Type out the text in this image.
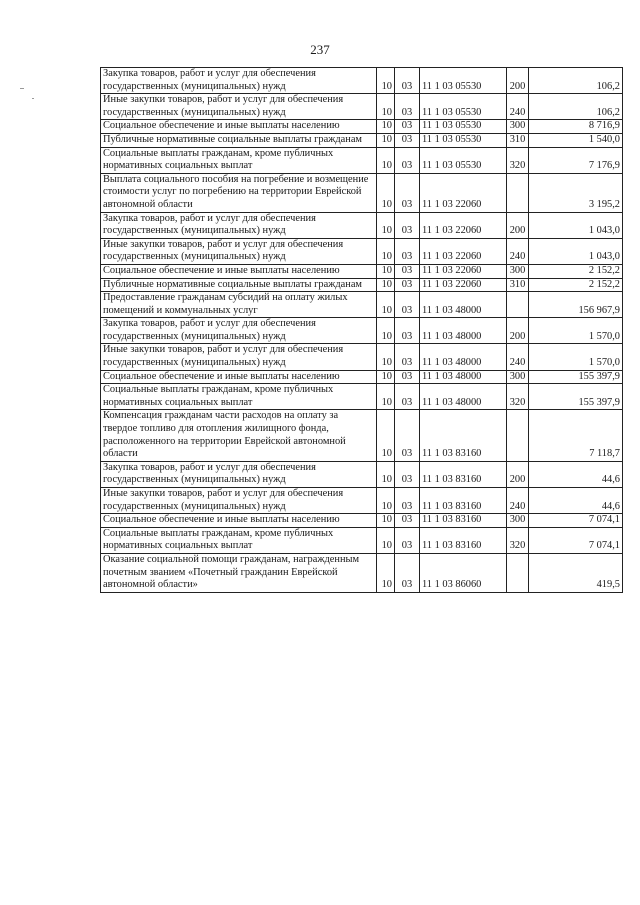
237
Закупка товаров, работ и услуг для обеспечения государственных (муниципальных) нужд	10	03	11 1 03 05530	200	106,2
Иные закупки товаров, работ и услуг для обеспечения государственных (муниципальных) нужд	10	03	11 1 03 05530	240	106,2
Социальное обеспечение и иные выплаты населению	10	03	11 1 03 05530	300	8 716,9
Публичные нормативные социальные выплаты гражданам	10	03	11 1 03 05530	310	1 540,0
Социальные выплаты гражданам, кроме публичных нормативных социальных выплат	10	03	11 1 03 05530	320	7 176,9
Выплата социального пособия на погребение и возмещение стоимости услуг по погребению на территории Еврейской автономной области	10	03	11 1 03 22060		3 195,2
Закупка товаров, работ и услуг для обеспечения государственных (муниципальных) нужд	10	03	11 1 03 22060	200	1 043,0
Иные закупки товаров, работ и услуг для обеспечения государственных (муниципальных) нужд	10	03	11 1 03 22060	240	1 043,0
Социальное обеспечение и иные выплаты населению	10	03	11 1 03 22060	300	2 152,2
Публичные нормативные социальные выплаты гражданам	10	03	11 1 03 22060	310	2 152,2
Предоставление гражданам субсидий на оплату жилых помещений и коммунальных услуг	10	03	11 1 03 48000		156 967,9
Закупка товаров, работ и услуг для обеспечения государственных (муниципальных) нужд	10	03	11 1 03 48000	200	1 570,0
Иные закупки товаров, работ и услуг для обеспечения государственных (муниципальных) нужд	10	03	11 1 03 48000	240	1 570,0
Социальное обеспечение и иные выплаты населению	10	03	11 1 03 48000	300	155 397,9
Социальные выплаты гражданам, кроме публичных нормативных социальных выплат	10	03	11 1 03 48000	320	155 397,9
Компенсация гражданам части расходов на оплату за твердое топливо для отопления жилищного фонда, расположенного на территории Еврейской автономной области	10	03	11 1 03 83160		7 118,7
Закупка товаров, работ и услуг для обеспечения государственных (муниципальных) нужд	10	03	11 1 03 83160	200	44,6
Иные закупки товаров, работ и услуг для обеспечения государственных (муниципальных) нужд	10	03	11 1 03 83160	240	44,6
Социальное обеспечение и иные выплаты населению	10	03	11 1 03 83160	300	7 074,1
Социальные выплаты гражданам, кроме публичных нормативных социальных выплат	10	03	11 1 03 83160	320	7 074,1
Оказание социальной помощи гражданам, награжденным почетным званием «Почетный гражданин Еврейской автономной области»	10	03	11 1 03 86060		419,5
